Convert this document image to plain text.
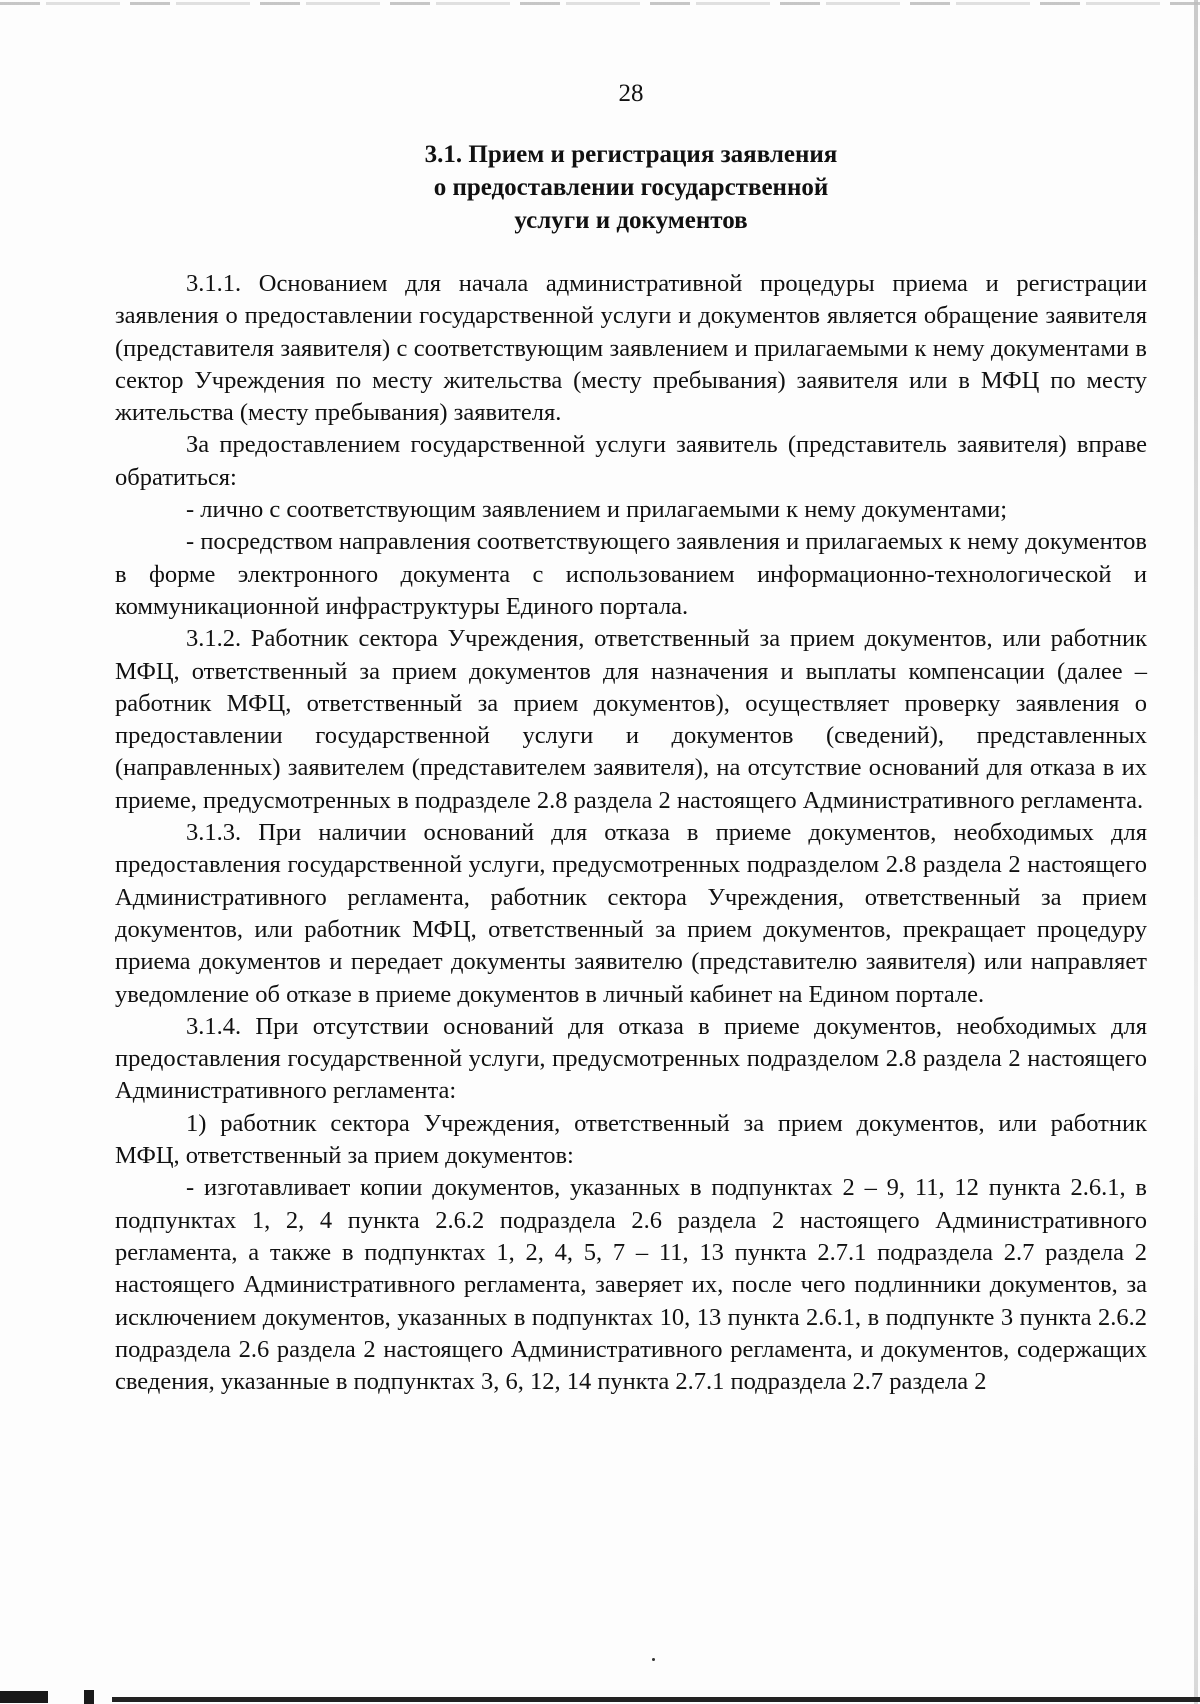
28
3.1. Прием и регистрация заявления
о предоставлении государственной
услуги и документов

3.1.1. Основанием для начала административной процедуры приема и регистрации заявления о предоставлении государственной услуги и документов является обращение заявителя (представителя заявителя) с соответствующим заявлением и прилагаемыми к нему документами в сектор Учреждения по месту жительства (месту пребывания) заявителя или в МФЦ по месту жительства (месту пребывания) заявителя.

За предоставлением государственной услуги заявитель (представитель заявителя) вправе обратиться:

- лично с соответствующим заявлением и прилагаемыми к нему документами;

- посредством направления соответствующего заявления и прилагаемых к нему документов в форме электронного документа с использованием информационно-технологической и коммуникационной инфраструктуры Единого портала.

3.1.2. Работник сектора Учреждения, ответственный за прием документов, или работник МФЦ, ответственный за прием документов для назначения и выплаты компенсации (далее – работник МФЦ, ответственный за прием документов), осуществляет проверку заявления о предоставлении государственной услуги и документов (сведений), представленных (направленных) заявителем (представителем заявителя), на отсутствие оснований для отказа в их приеме, предусмотренных в подразделе 2.8 раздела 2 настоящего Административного регламента.

3.1.3. При наличии оснований для отказа в приеме документов, необходимых для предоставления государственной услуги, предусмотренных подразделом 2.8 раздела 2 настоящего Административного регламента, работник сектора Учреждения, ответственный за прием документов, или работник МФЦ, ответственный за прием документов, прекращает процедуру приема документов и передает документы заявителю (представителю заявителя) или направляет уведомление об отказе в приеме документов в личный кабинет на Едином портале.

3.1.4. При отсутствии оснований для отказа в приеме документов, необходимых для предоставления государственной услуги, предусмотренных подразделом 2.8 раздела 2 настоящего Административного регламента:

1) работник сектора Учреждения, ответственный за прием документов, или работник МФЦ, ответственный за прием документов:

- изготавливает копии документов, указанных в подпунктах 2 – 9, 11, 12 пункта 2.6.1, в подпунктах 1, 2, 4 пункта 2.6.2 подраздела 2.6 раздела 2 настоящего Административного регламента, а также в подпунктах 1, 2, 4, 5, 7 – 11, 13 пункта 2.7.1 подраздела 2.7 раздела 2 настоящего Административного регламента, заверяет их, после чего подлинники документов, за исключением документов, указанных в подпунктах 10, 13 пункта 2.6.1, в подпункте 3 пункта 2.6.2 подраздела 2.6 раздела 2 настоящего Административного регламента, и документов, содержащих сведения, указанные в подпунктах 3, 6, 12, 14 пункта 2.7.1 подраздела 2.7 раздела 2
